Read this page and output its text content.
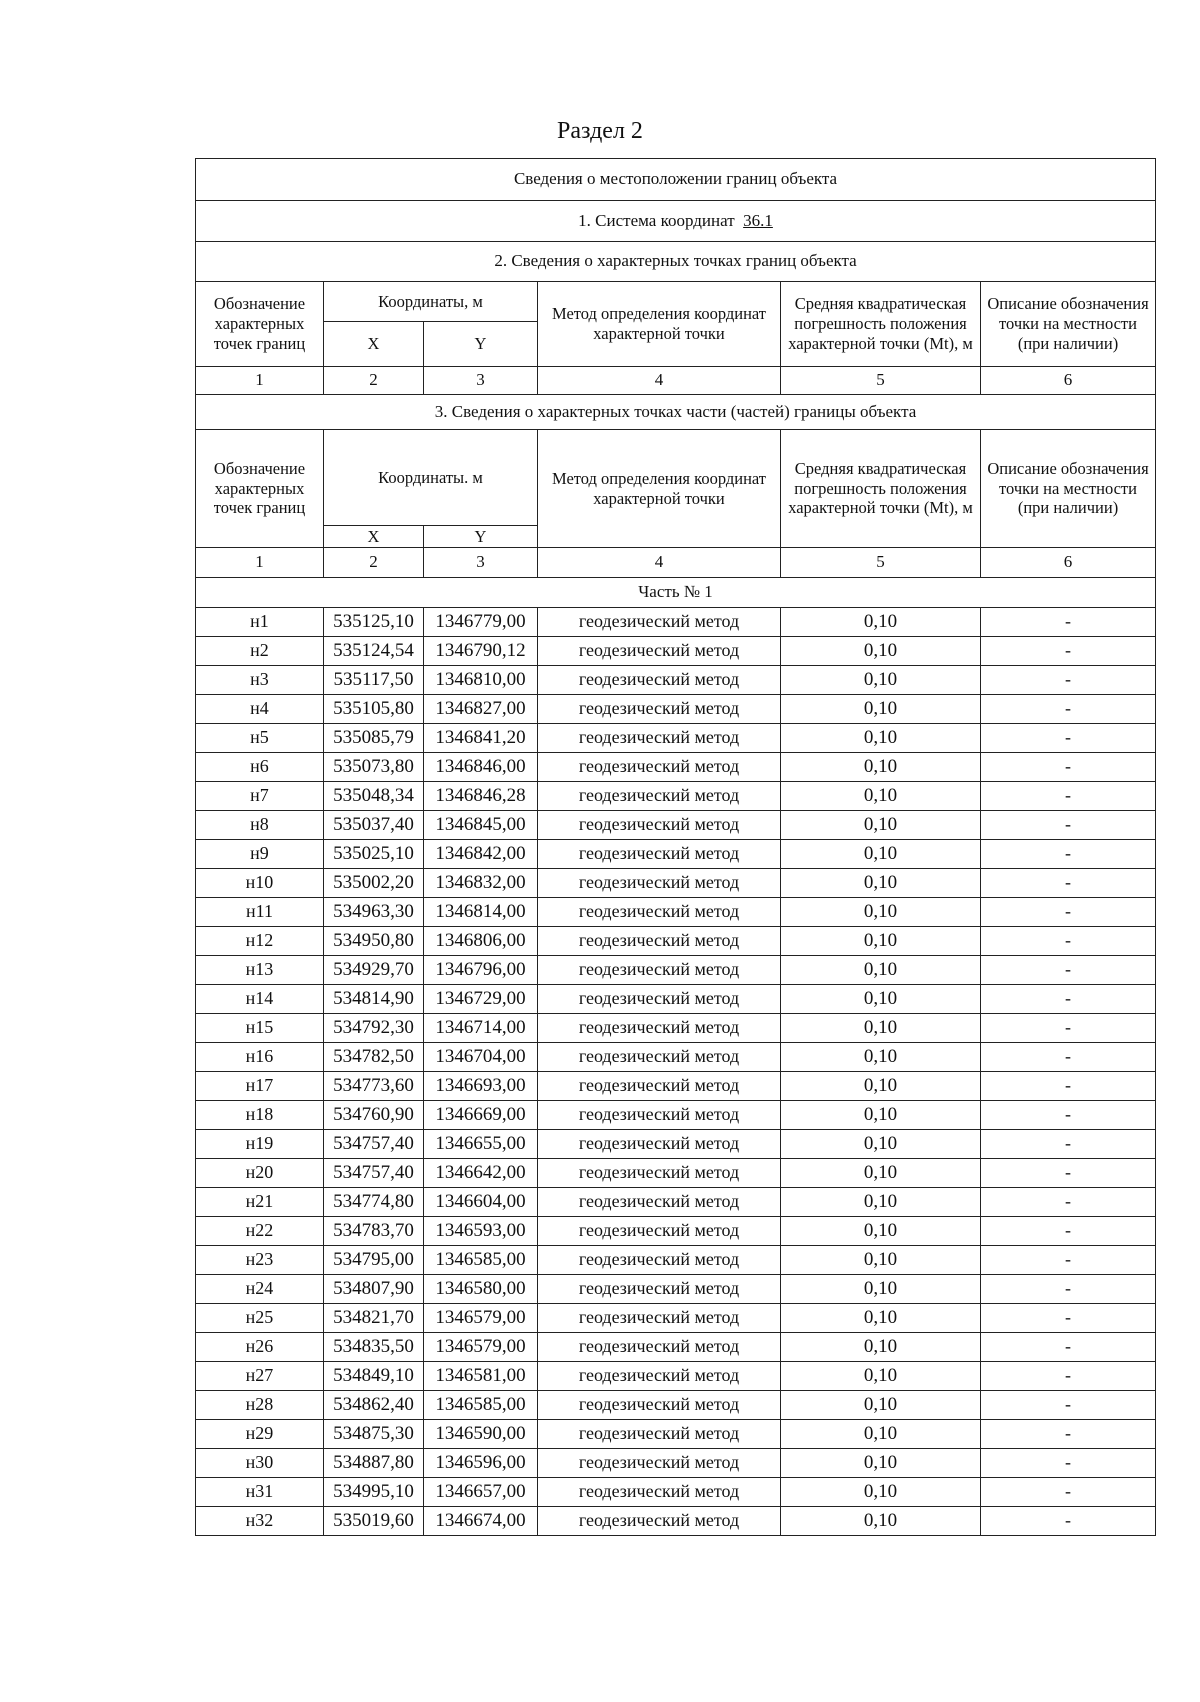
Раздел 2
Сведения о местоположении границ объекта					
1. Система координат 36.1					
2. Сведения о характерных точках границ объекта					
Обозначение характерных точек границ	Координаты, м		Метод определения координат характерной точки	Средняя квадратическая погрешность положения характерной точки (Mt), м	Описание обозначения точки на местности (при наличии)
	X	Y			
1	2	3	4	5	6
3. Сведения о характерных точках части (частей) границы объекта					
Обозначение характерных точек границ	Координаты. м		Метод определения координат характерной точки	Средняя квадратическая погрешность положения характерной точки (Mt), м	Описание обозначения точки на местности (при наличии)
	X	Y			
1	2	3	4	5	6
Часть № 1					
н1	535125,10	1346779,00	геодезический метод	0,10	-
н2	535124,54	1346790,12	геодезический метод	0,10	-
н3	535117,50	1346810,00	геодезический метод	0,10	-
н4	535105,80	1346827,00	геодезический метод	0,10	-
н5	535085,79	1346841,20	геодезический метод	0,10	-
н6	535073,80	1346846,00	геодезический метод	0,10	-
н7	535048,34	1346846,28	геодезический метод	0,10	-
н8	535037,40	1346845,00	геодезический метод	0,10	-
н9	535025,10	1346842,00	геодезический метод	0,10	-
н10	535002,20	1346832,00	геодезический метод	0,10	-
н11	534963,30	1346814,00	геодезический метод	0,10	-
н12	534950,80	1346806,00	геодезический метод	0,10	-
н13	534929,70	1346796,00	геодезический метод	0,10	-
н14	534814,90	1346729,00	геодезический метод	0,10	-
н15	534792,30	1346714,00	геодезический метод	0,10	-
н16	534782,50	1346704,00	геодезический метод	0,10	-
н17	534773,60	1346693,00	геодезический метод	0,10	-
н18	534760,90	1346669,00	геодезический метод	0,10	-
н19	534757,40	1346655,00	геодезический метод	0,10	-
н20	534757,40	1346642,00	геодезический метод	0,10	-
н21	534774,80	1346604,00	геодезический метод	0,10	-
н22	534783,70	1346593,00	геодезический метод	0,10	-
н23	534795,00	1346585,00	геодезический метод	0,10	-
н24	534807,90	1346580,00	геодезический метод	0,10	-
н25	534821,70	1346579,00	геодезический метод	0,10	-
н26	534835,50	1346579,00	геодезический метод	0,10	-
н27	534849,10	1346581,00	геодезический метод	0,10	-
н28	534862,40	1346585,00	геодезический метод	0,10	-
н29	534875,30	1346590,00	геодезический метод	0,10	-
н30	534887,80	1346596,00	геодезический метод	0,10	-
н31	534995,10	1346657,00	геодезический метод	0,10	-
н32	535019,60	1346674,00	геодезический метод	0,10	-
